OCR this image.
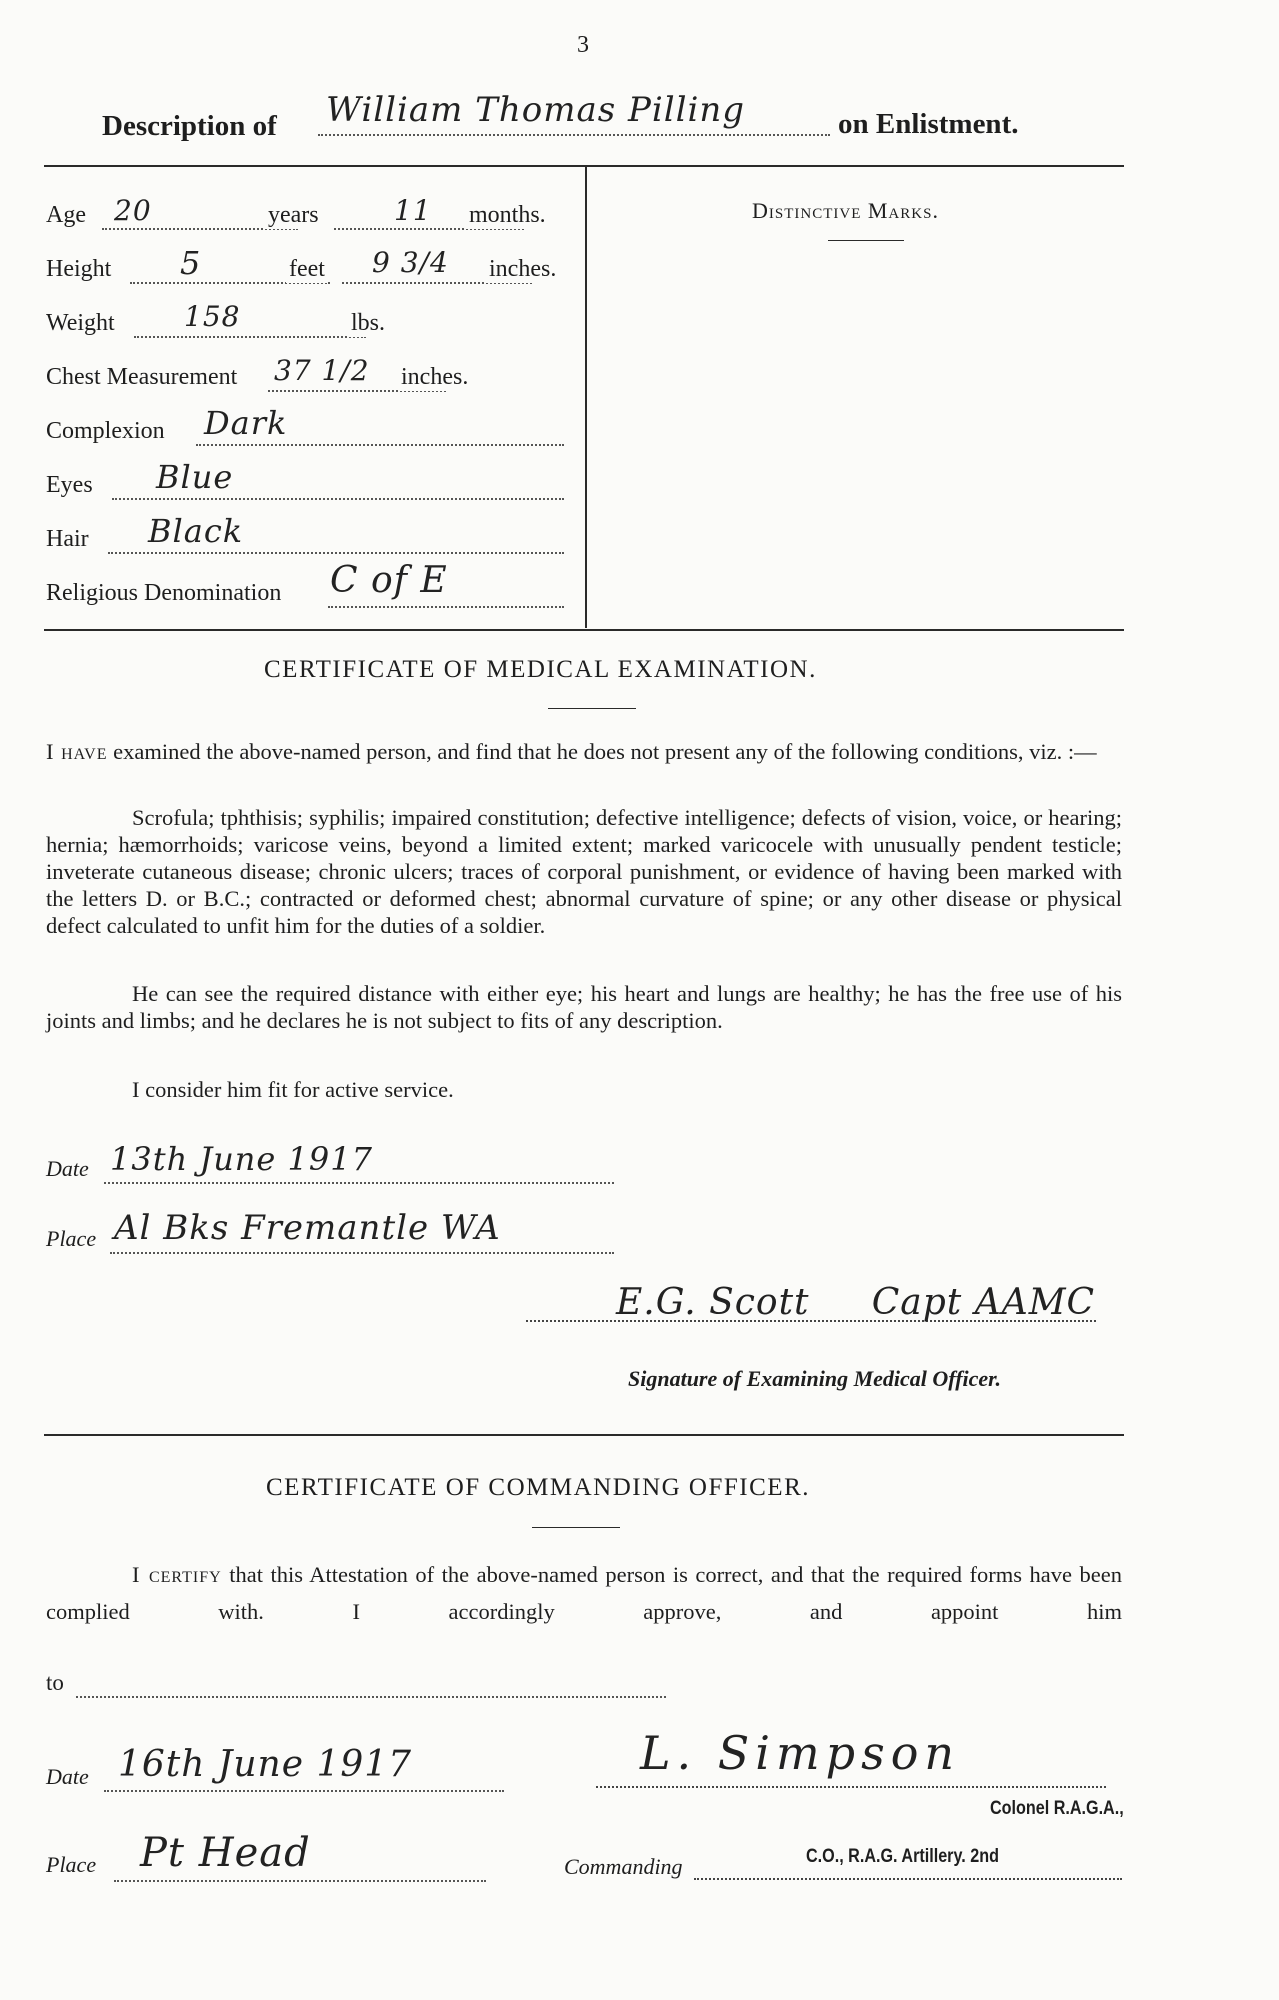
3
Description of William Thomas Pilling	on Enlistment.
Distinctive Marks.
Age 20	years	11 months.
Height 5	feet 9 3/4 inches.
Weight 158	lbs.
Chest Measurement 37 1/2 inches.
Complexion Dark
Eyes Blue
Hair Black
Religious Denomination C of E
CERTIFICATE OF MEDICAL EXAMINATION.
I have examined the above-named person, and find that he does not present any of the following conditions, viz. :—
Scrofula; tphthisis; syphilis; impaired constitution; defective intelligence; defects of vision, voice, or hearing; hernia; hæmorrhoids; varicose veins, beyond a limited extent; marked varicocele with unusually pendent testicle; inveterate cutaneous disease; chronic ulcers; traces of corporal punishment, or evidence of having been marked with the letters D. or B.C.; contracted or deformed chest; abnormal curvature of spine; or any other disease or physical defect calculated to unfit him for the duties of a soldier.
He can see the required distance with either eye; his heart and lungs are healthy; he has the free use of his joints and limbs; and he declares he is not subject to fits of any description.
I consider him fit for active service.
Date 13th June 1917
Place Al Bks Fremantle WA
E.G. Scott     Capt AAMC
Signature of Examining Medical Officer.
CERTIFICATE OF COMMANDING OFFICER.
I certify that this Attestation of the above-named person is correct, and that the required forms have been complied with. I accordingly approve, and appoint him
to
Date 16th June 1917
Place Pt Head
L. Simpson
Colonel R.A.G.A.,
Commanding	C.O., R.A.G. Artillery. 2nd
